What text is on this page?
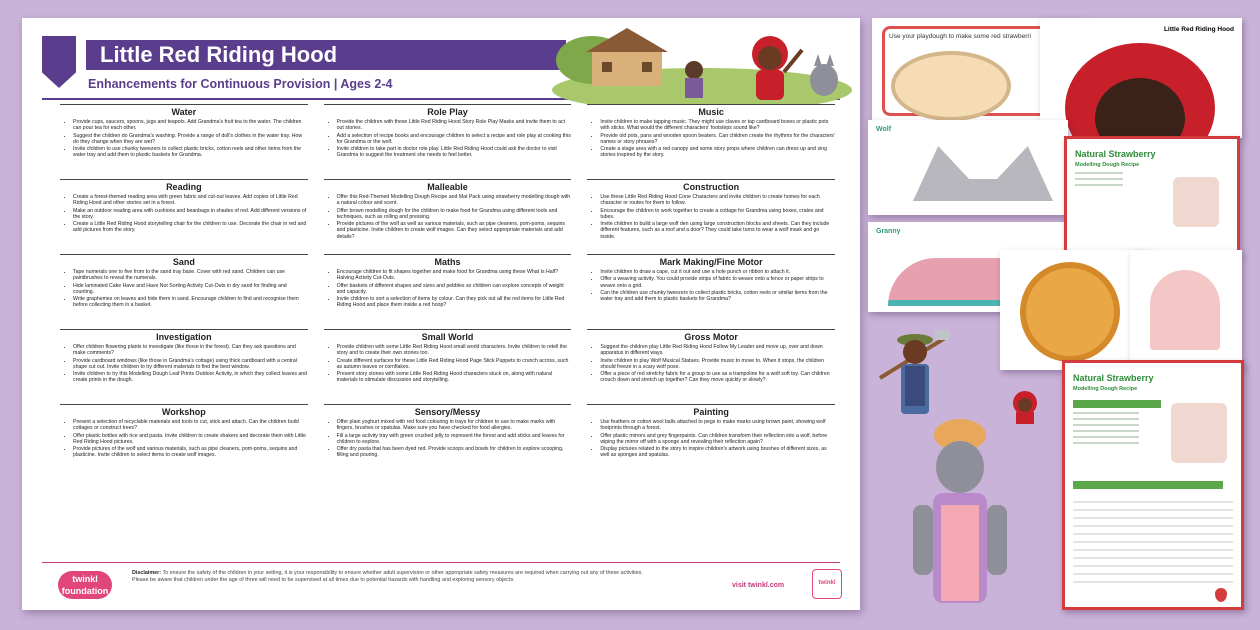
Little Red Riding Hood
Enhancements for Continuous Provision | Ages 2-4
Water
• Provide cups, saucers, spoons, jugs and teapots. Add Grandma's fruit tea to the water. The children can pour tea for each other.
• Suggest the children do Grandma's washing. Provide a range of doll's clothes in the water tray. How do they change when they are wet?
• Invite children to use chunky tweezers to collect plastic bricks, cotton reels and other items from the water tray and add them to plastic baskets for Grandma.
Role Play
• Provide the children with these Little Red Riding Hood Story Role Play Masks and invite them to act out stories.
• Add a selection of recipe books and encourage children to select a recipe and role play at cooking this for Grandma or the wolf.
• Invite children to take part in doctor role play. Little Red Riding Hood could ask the doctor to visit Grandma to suggest the treatment she needs to feel better.
Music
• Invite children to make tapping music. They might use claves or tap cardboard boxes or plastic pots with sticks. What would the different characters' footsteps sound like?
• Provide old pots, pans and wooden spoon beaters. Can children create the rhythms for the characters' names or story phrases?
• Create a stage area with a red canopy and some story props where children can dress up and sing stories inspired by the story.
Reading
• Create a forest-themed reading area with green fabric and cut-out leaves. Add copies of Little Red Riding Hood and other stories set in a forest.
• Make an outdoor reading area with cushions and beanbags in shades of red. Add different versions of the story.
• Create a Little Red Riding Hood storytelling chair for the children to use. Decorate the chair in red and add pictures from the story.
Malleable
• Offer this Red-Themed Modelling Dough Recipe and Mat Pack using strawberry modelling dough with a natural colour and scent.
• Offer brown modelling dough for the children to make food for Grandma using different tools and techniques, such as rolling and pressing.
• Provide pictures of the wolf as well as various materials, such as pipe cleaners, pom-poms, sequins and plasticine. Invite children to create wolf images. Can they select appropriate materials and add details?
Construction
• Use these Little Red Riding Hood Cone Characters and invite children to create homes for each character or routes for them to follow.
• Encourage the children to work together to create a cottage for Grandma using boxes, crates and tubes.
• Invite children to build a large wolf den using large construction blocks and sheets. Can they include different features, such as a roof and a door? They could take turns to wear a wolf mask and go inside.
Sand
• Tape numerals one to five from to the sand tray base. Cover with red sand. Children can use paintbrushes to reveal the numerals.
• Hide laminated Cake Have and Have Not Sorting Activity Cut-Outs in dry sand for finding and counting.
• Write graphemes on leaves and hide them in sand. Encourage children to find and recognise them before collecting them in a basket.
Maths
• Encourage children to fit shapes together and make food for Grandma using these What Is Half? Halving Activity Cut-Outs.
• Offer baskets of different shapes and sizes and pebbles so children can explore concepts of weight and capacity.
• Invite children to sort a selection of items by colour. Can they pick out all the red items for Little Red Riding Hood and place them inside a red hoop?
Mark Making/Fine Motor
• Invite children to draw a cape, cut it out and use a hole punch or ribbon to attach it.
• Offer a weaving activity. You could provide strips of fabric to weave onto a fence or paper strips to weave onto a grid.
• Can the children use chunky tweezers to collect plastic bricks, cotton reels or similar items from the water tray and add them to plastic baskets for Grandma?
Investigation
• Offer children flowering plants to investigate (like those in the forest). Can they ask questions and make comments?
• Provide cardboard windows (like those in Grandma's cottage) using thick cardboard with a central shape cut out. Invite children to try different materials to find the best window.
• Invite children to try this Modelling Dough Leaf Prints Outdoor Activity, in which they collect leaves and create prints in the dough.
Small World
• Provide children with some Little Red Riding Hood small world characters. Invite children to retell the story and to create their own stories too.
• Create different surfaces for these Little Red Riding Hood Page Stick Puppets to crunch across, such as autumn leaves or cornflakes.
• Present story stones with some Little Red Riding Hood characters stuck on, along with natural materials to stimulate discussion and storytelling.
Gross Motor
• Suggest the children play Little Red Riding Hood Follow My Leader and move up, over and down apparatus in different ways.
• Invite children to play Wolf Musical Statues. Provide music to move to. When it stops, the children should freeze in a scary wolf pose.
• Offer a piece of red stretchy fabric for a group to use as a trampoline for a wolf soft toy. Can children crouch down and stretch up together? Can they move quickly or slowly?
Workshop
• Present a selection of recyclable materials and tools to cut, stick and attach. Can the children build cottages or construct trees?
• Offer plastic bottles with rice and pasta. Invite children to create shakers and decorate them with Little Red Riding Hood pictures.
• Provide pictures of the wolf and various materials, such as pipe cleaners, pom-poms, sequins and plasticine. Invite children to select items to create wolf images.
Sensory/Messy
• Offer plain yoghurt mixed with red food colouring in trays for children to use to make marks with fingers, brushes or spatulas. Make sure you have checked for food allergies.
• Fill a large activity tray with green crushed jelly to represent the forest and add sticks and leaves for children to explore.
• Offer dry pasta that has been dyed red. Provide scoops and bowls for children to explore scooping, filling and pouring.
Painting
• Use feathers or cotton wool balls attached to pegs to make marks using brown paint, showing wolf footprints through a forest.
• Offer plastic mirrors and grey fingerpaints. Can children transform their reflection into a wolf, before wiping the mirror off with a sponge and revealing their reflection again?
• Display pictures related to the story to inspire children's artwork using brushes of different sizes, as well as sponges and spatulas.
twinkl
foundation
Disclaimer: To ensure the safety of the children in your setting, it is your responsibility to ensure whether adult supervision or other appropriate safety measures are required when carrying out any of these activities. Please be aware that children under the age of three will need to be supervised at all times due to potential hazards with handling and exploring sensory objects.
visit twinkl.com	twinkl
Use your playdough to make some red strawberri
Little Red Riding Hood
Wolf
Granny
Natural Strawberry
Modelling Dough Recipe
Natural Strawberry
Modelling Dough Recipe
